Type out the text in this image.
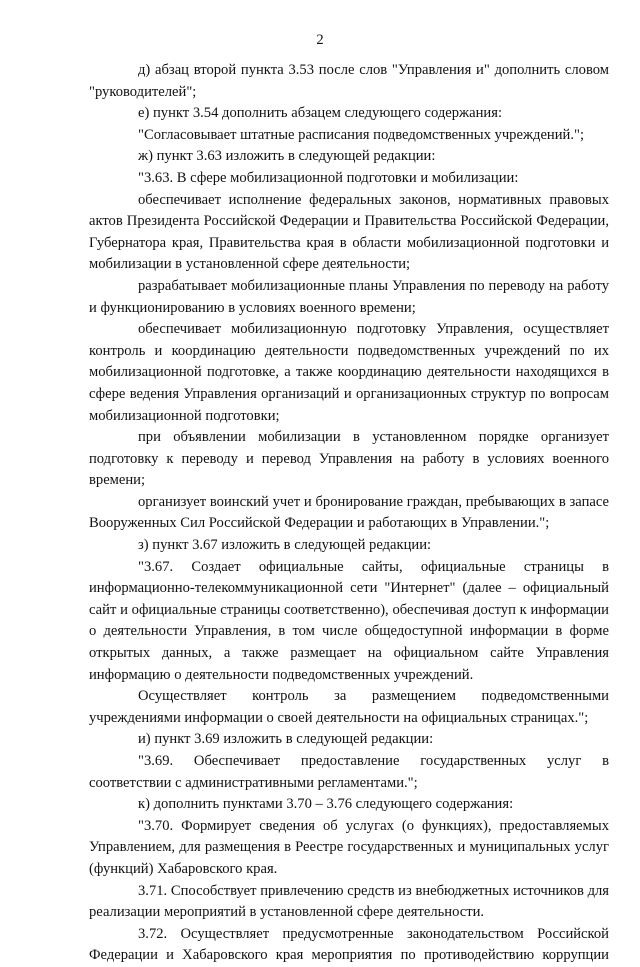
2

д) абзац второй пункта 3.53 после слов "Управления и" дополнить словом "руководителей";

е) пункт 3.54 дополнить абзацем следующего содержания:

"Согласовывает штатные расписания подведомственных учреждений.";

ж) пункт 3.63 изложить в следующей редакции:

"3.63. В сфере мобилизационной подготовки и мобилизации:

обеспечивает исполнение федеральных законов, нормативных правовых актов Президента Российской Федерации и Правительства Российской Федерации, Губернатора края, Правительства края в области мобилизационной подготовки и мобилизации в установленной сфере деятельности;

разрабатывает мобилизационные планы Управления по переводу на работу и функционированию в условиях военного времени;

обеспечивает мобилизационную подготовку Управления, осуществляет контроль и координацию деятельности подведомственных учреждений по их мобилизационной подготовке, а также координацию деятельности находящихся в сфере ведения Управления организаций и организационных структур по вопросам мобилизационной подготовки;

при объявлении мобилизации в установленном порядке организует подготовку к переводу и перевод Управления на работу в условиях военного времени;

организует воинский учет и бронирование граждан, пребывающих в запасе Вооруженных Сил Российской Федерации и работающих в Управлении.";

з) пункт 3.67 изложить в следующей редакции:

"3.67. Создает официальные сайты, официальные страницы в информационно-телекоммуникационной сети "Интернет" (далее – официальный сайт и официальные страницы соответственно), обеспечивая доступ к информации о деятельности Управления, в том числе общедоступной информации в форме открытых данных, а также размещает на официальном сайте Управления информацию о деятельности подведомственных учреждений.

Осуществляет контроль за размещением подведомственными учреждениями информации о своей деятельности на официальных страницах.";

и) пункт 3.69 изложить в следующей редакции:

"3.69. Обеспечивает предоставление государственных услуг в соответствии с административными регламентами.";

к) дополнить пунктами 3.70 – 3.76 следующего содержания:

"3.70. Формирует сведения об услугах (о функциях), предоставляемых Управлением, для размещения в Реестре государственных и муниципальных услуг (функций) Хабаровского края.

3.71. Способствует привлечению средств из внебюджетных источников для реализации мероприятий в установленной сфере деятельности.

3.72. Осуществляет предусмотренные законодательством Российской Федерации и Хабаровского края мероприятия по противодействию коррупции
